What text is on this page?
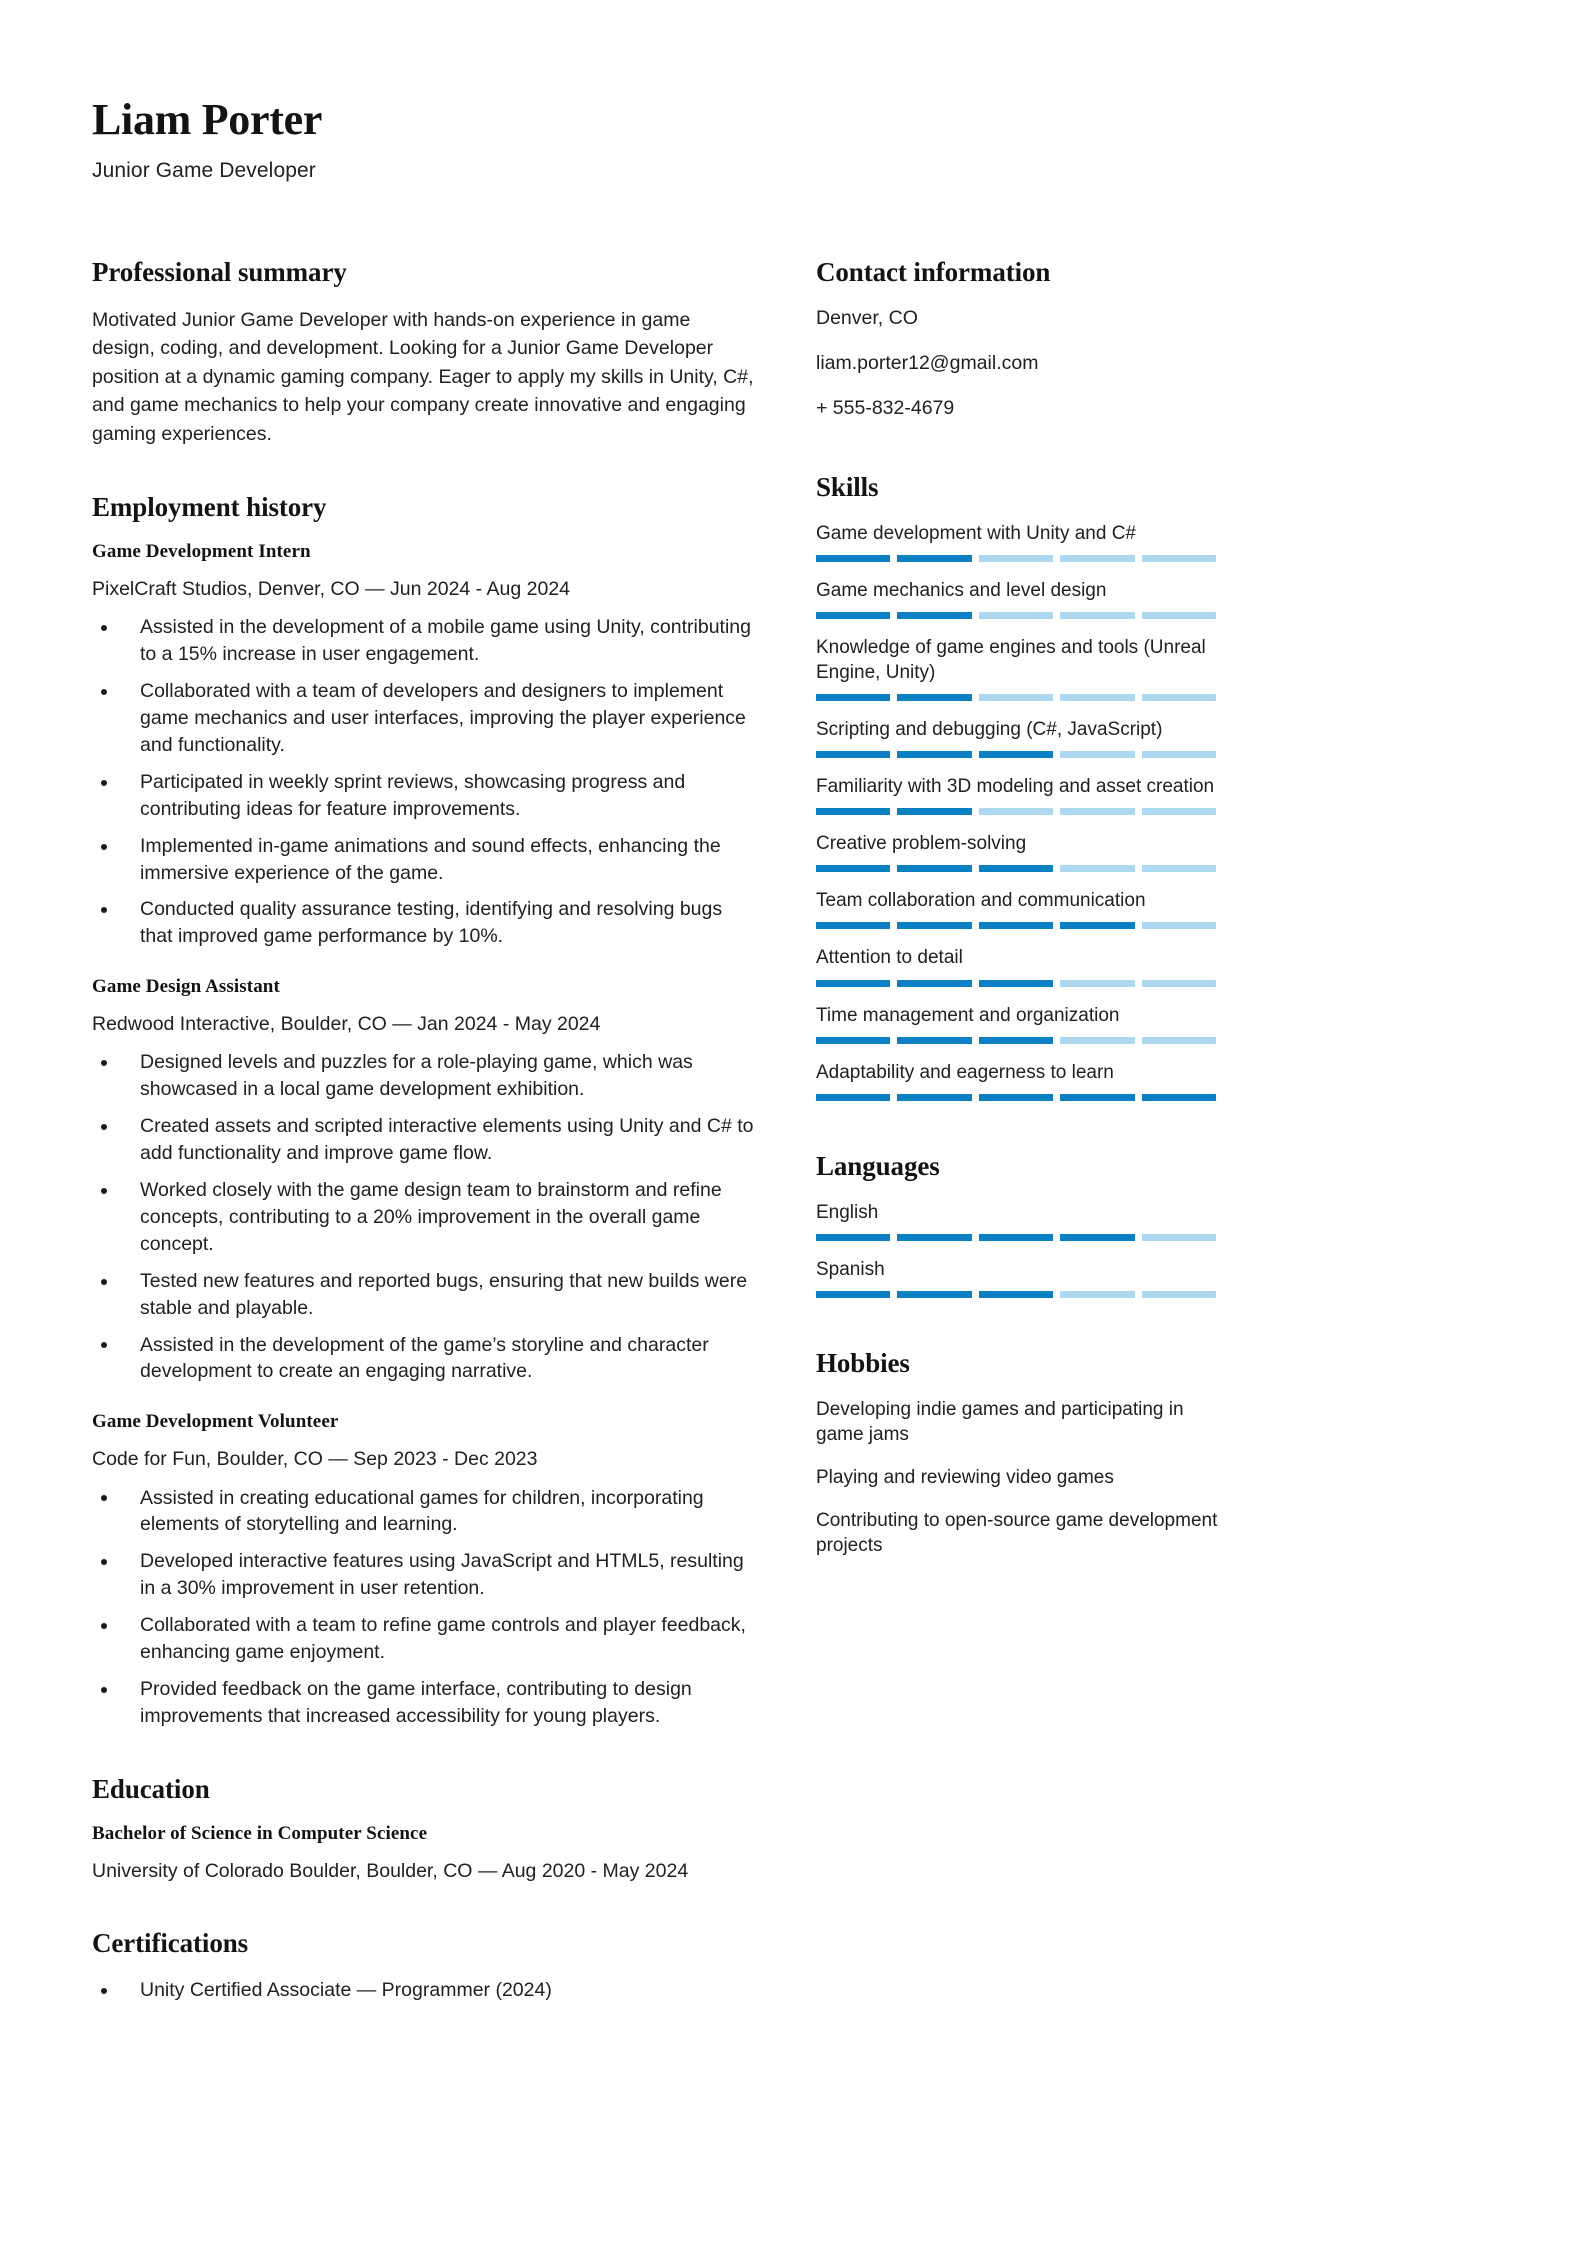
Liam Porter
Junior Game Developer
Professional summary
Motivated Junior Game Developer with hands-on experience in game design, coding, and development. Looking for a Junior Game Developer position at a dynamic gaming company. Eager to apply my skills in Unity, C#, and game mechanics to help your company create innovative and engaging gaming experiences.
Employment history
Game Development Intern
PixelCraft Studios, Denver, CO — Jun 2024 - Aug 2024
Assisted in the development of a mobile game using Unity, contributing to a 15% increase in user engagement.
Collaborated with a team of developers and designers to implement game mechanics and user interfaces, improving the player experience and functionality.
Participated in weekly sprint reviews, showcasing progress and contributing ideas for feature improvements.
Implemented in-game animations and sound effects, enhancing the immersive experience of the game.
Conducted quality assurance testing, identifying and resolving bugs that improved game performance by 10%.
Game Design Assistant
Redwood Interactive, Boulder, CO — Jan 2024 - May 2024
Designed levels and puzzles for a role-playing game, which was showcased in a local game development exhibition.
Created assets and scripted interactive elements using Unity and C# to add functionality and improve game flow.
Worked closely with the game design team to brainstorm and refine concepts, contributing to a 20% improvement in the overall game concept.
Tested new features and reported bugs, ensuring that new builds were stable and playable.
Assisted in the development of the game’s storyline and character development to create an engaging narrative.
Game Development Volunteer
Code for Fun, Boulder, CO — Sep 2023 - Dec 2023
Assisted in creating educational games for children, incorporating elements of storytelling and learning.
Developed interactive features using JavaScript and HTML5, resulting in a 30% improvement in user retention.
Collaborated with a team to refine game controls and player feedback, enhancing game enjoyment.
Provided feedback on the game interface, contributing to design improvements that increased accessibility for young players.
Education
Bachelor of Science in Computer Science
University of Colorado Boulder, Boulder, CO — Aug 2020 - May 2024
Certifications
Unity Certified Associate — Programmer (2024)
Contact information
Denver, CO
liam.porter12@gmail.com
+ 555-832-4679
Skills
Game development with Unity and C#
Game mechanics and level design
Knowledge of game engines and tools (Unreal Engine, Unity)
Scripting and debugging (C#, JavaScript)
Familiarity with 3D modeling and asset creation
Creative problem-solving
Team collaboration and communication
Attention to detail
Time management and organization
Adaptability and eagerness to learn
Languages
English
Spanish
Hobbies
Developing indie games and participating in game jams
Playing and reviewing video games
Contributing to open-source game development projects
